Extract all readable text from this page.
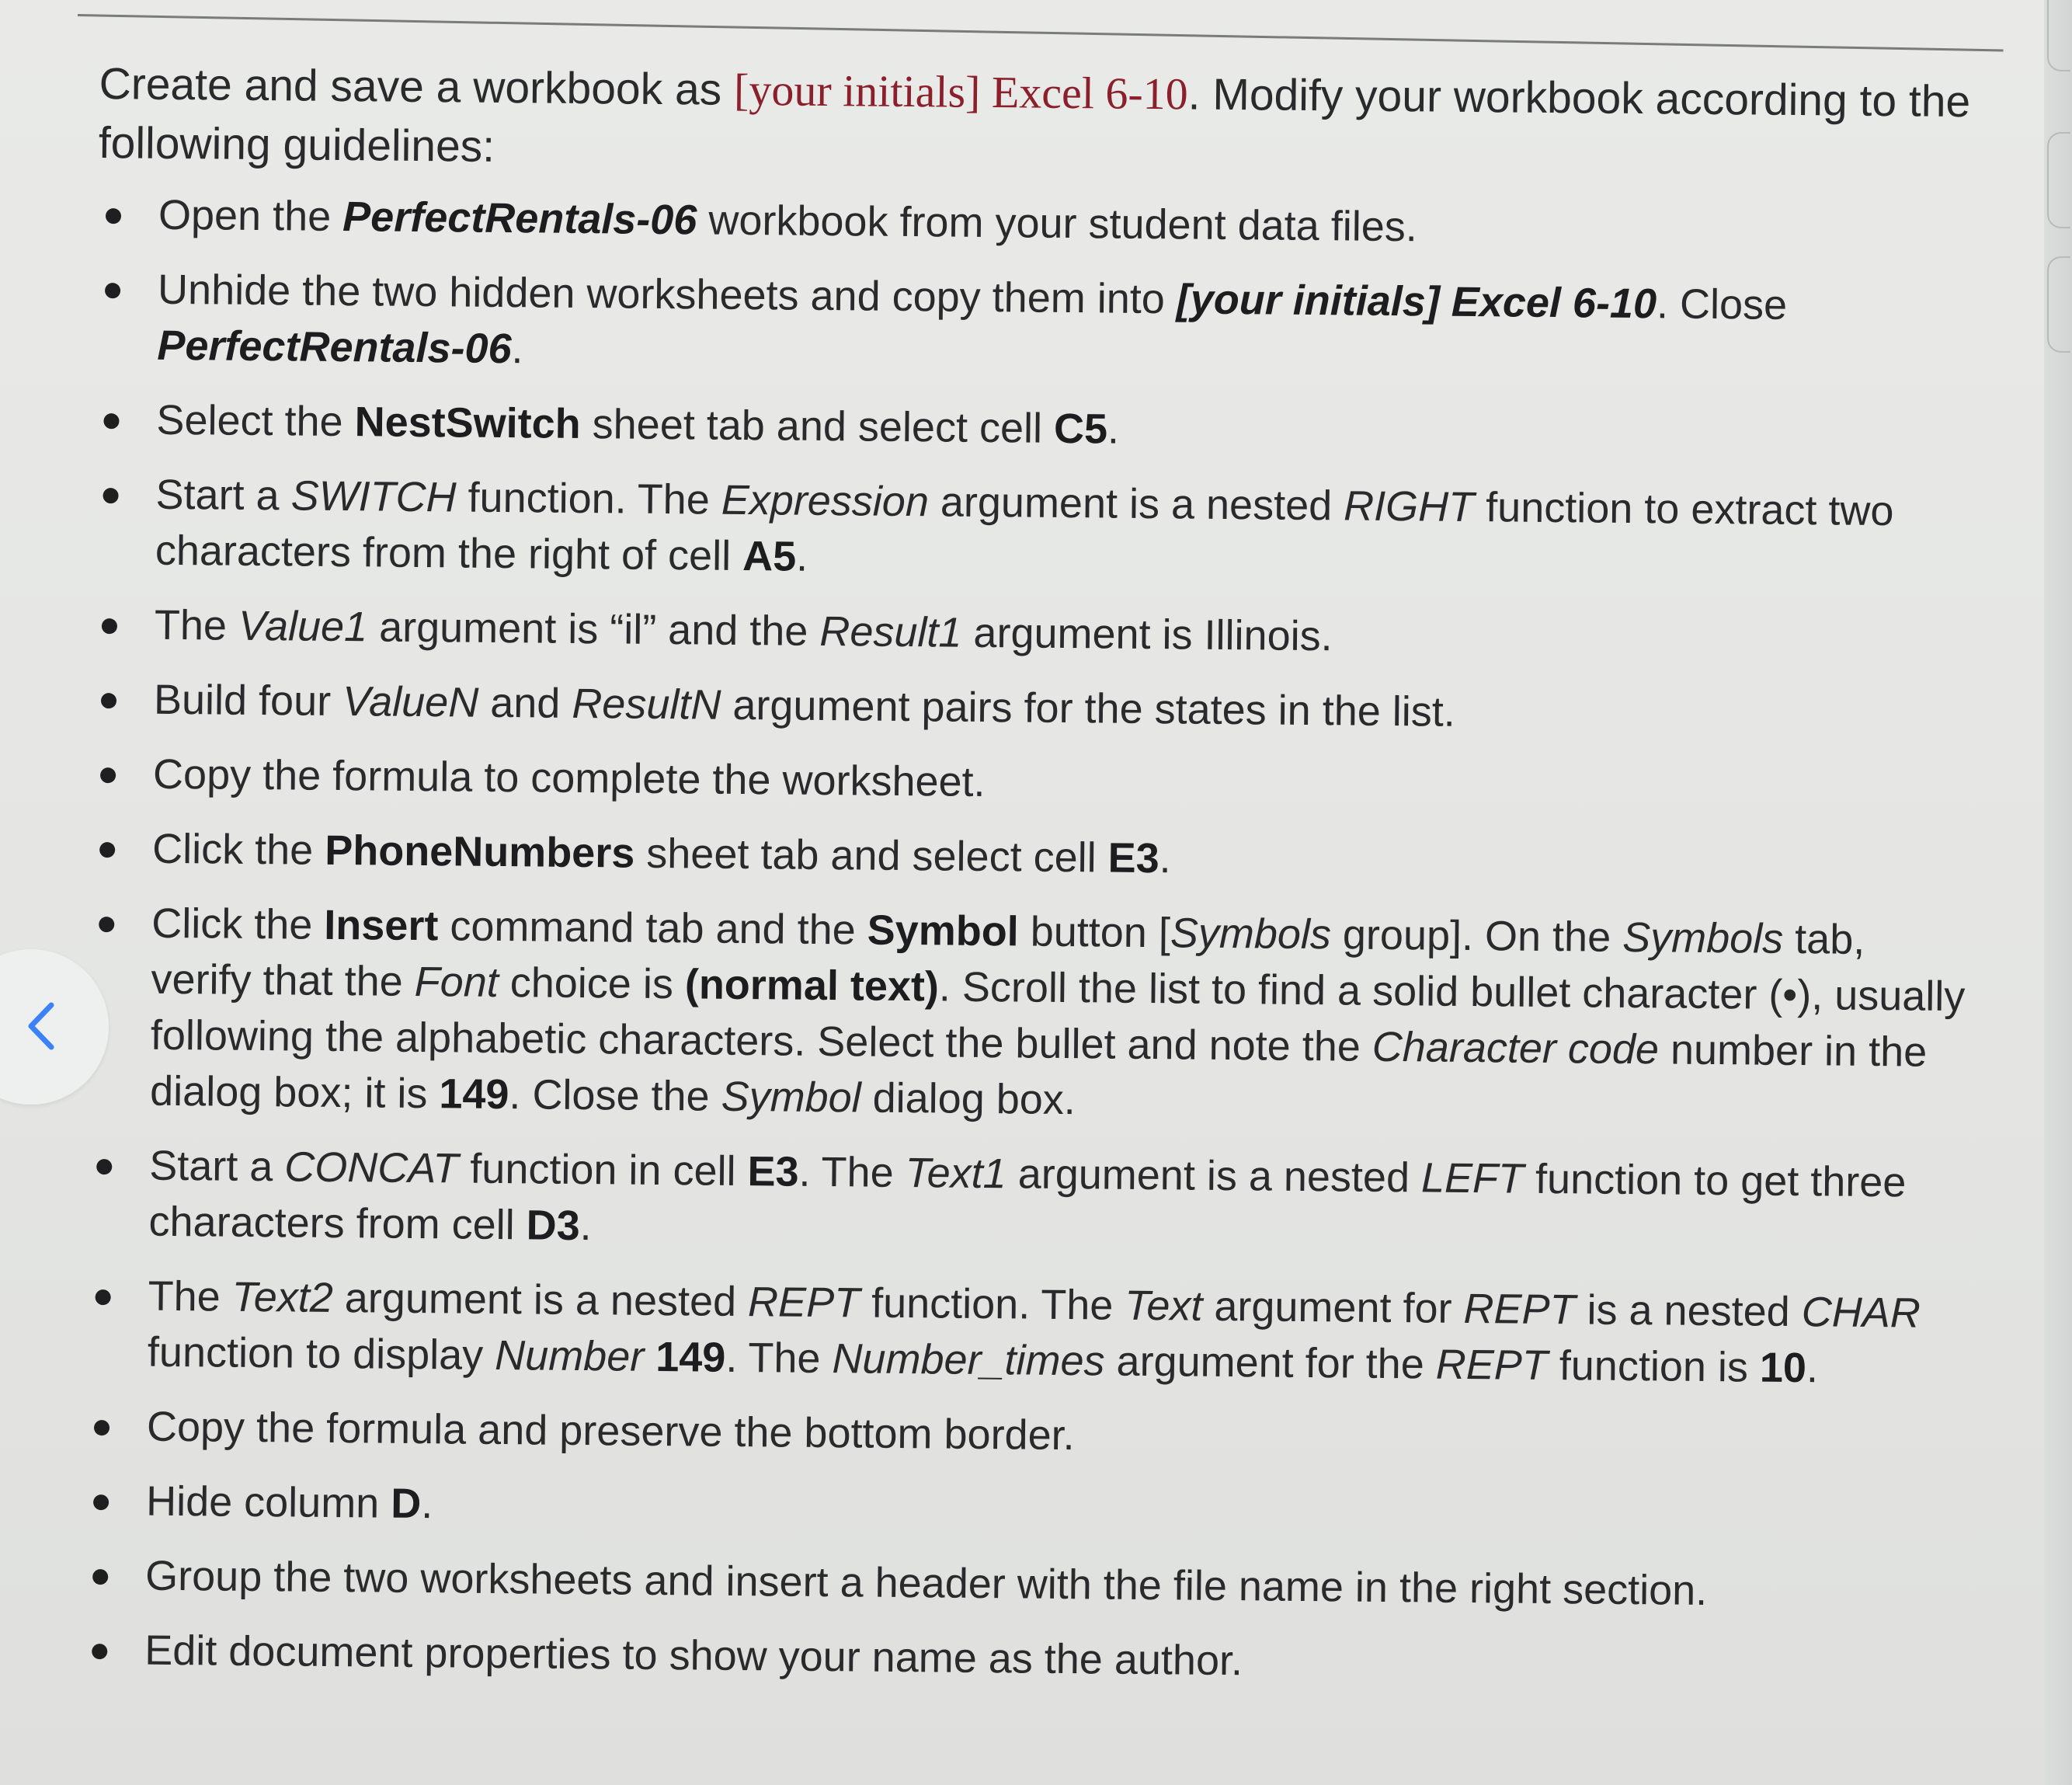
Create and save a workbook as [your initials] Excel 6-10. Modify your workbook according to the following guidelines:

Open the PerfectRentals-06 workbook from your student data files.
Unhide the two hidden worksheets and copy them into [your initials] Excel 6-10. Close PerfectRentals-06.
Select the NestSwitch sheet tab and select cell C5.
Start a SWITCH function. The Expression argument is a nested RIGHT function to extract two characters from the right of cell A5.
The Value1 argument is “il” and the Result1 argument is Illinois.
Build four ValueN and ResultN argument pairs for the states in the list.
Copy the formula to complete the worksheet.
Click the PhoneNumbers sheet tab and select cell E3.
Click the Insert command tab and the Symbol button [Symbols group]. On the Symbols tab, verify that the Font choice is (normal text). Scroll the list to find a solid bullet character (•), usually following the alphabetic characters. Select the bullet and note the Character code number in the dialog box; it is 149. Close the Symbol dialog box.
Start a CONCAT function in cell E3. The Text1 argument is a nested LEFT function to get three characters from cell D3.
The Text2 argument is a nested REPT function. The Text argument for REPT is a nested CHAR function to display Number 149. The Number_times argument for the REPT function is 10.
Copy the formula and preserve the bottom border.
Hide column D.
Group the two worksheets and insert a header with the file name in the right section.
Edit document properties to show your name as the author.
